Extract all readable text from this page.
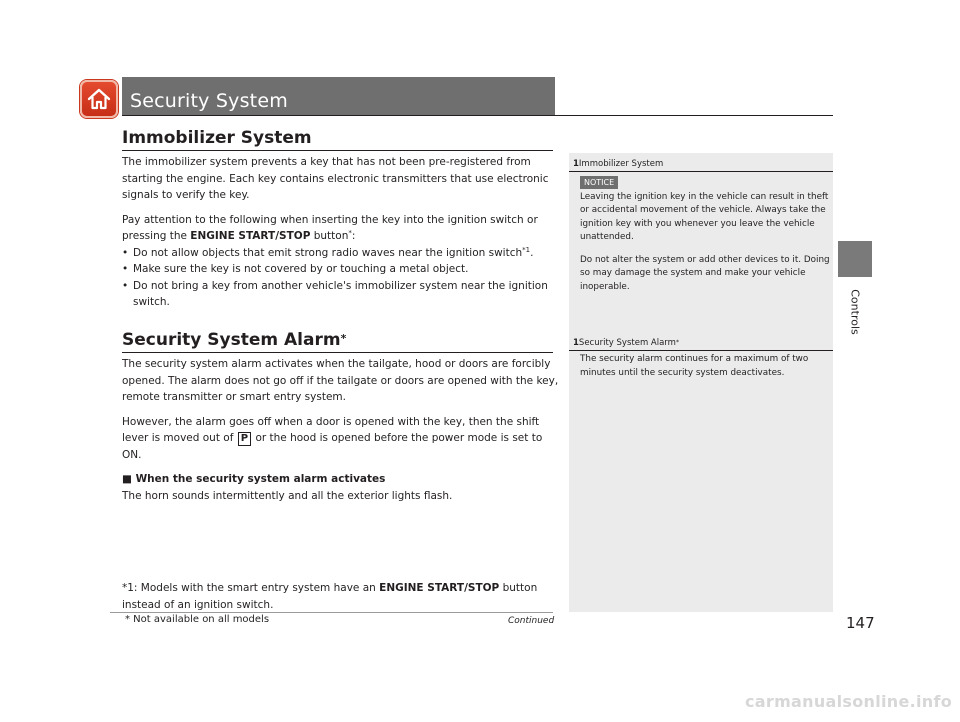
Security System
Controls
Immobilizer System

The immobilizer system prevents a key that has not been pre-registered from starting the engine. Each key contains electronic transmitters that use electronic signals to verify the key.

Pay attention to the following when inserting the key into the ignition switch or pressing the ENGINE START/STOP button*:

• Do not allow objects that emit strong radio waves near the ignition switch$^{*1}$.

• Make sure the key is not covered by or touching a metal object.

• Do not bring a key from another vehicle's immobilizer system near the ignition switch.

Security System Alarm*

The security system alarm activates when the tailgate, hood or doors are forcibly opened. The alarm does not go off if the tailgate or doors are opened with the key, remote transmitter or smart entry system.

However, the alarm goes off when a door is opened with the key, then the shift lever is moved out of P or the hood is opened before the power mode is set to ON.

■ When the security system alarm activates

The horn sounds intermittently and all the exterior lights flash.

*1: Models with the smart entry system have an ENGINE START/STOP button instead of an ignition switch.
1Immobilizer System
NOTICE

Leaving the ignition key in the vehicle can result in theft or accidental movement of the vehicle. Always take the ignition key with you whenever you leave the vehicle unattended.

Do not alter the system or add other devices to it. Doing so may damage the system and make your vehicle inoperable.

1Security System Alarm*

The security alarm continues for a maximum of two minutes until the security system deactivates.

* Not available on all models	Continued	147
carmanualsonline.info
